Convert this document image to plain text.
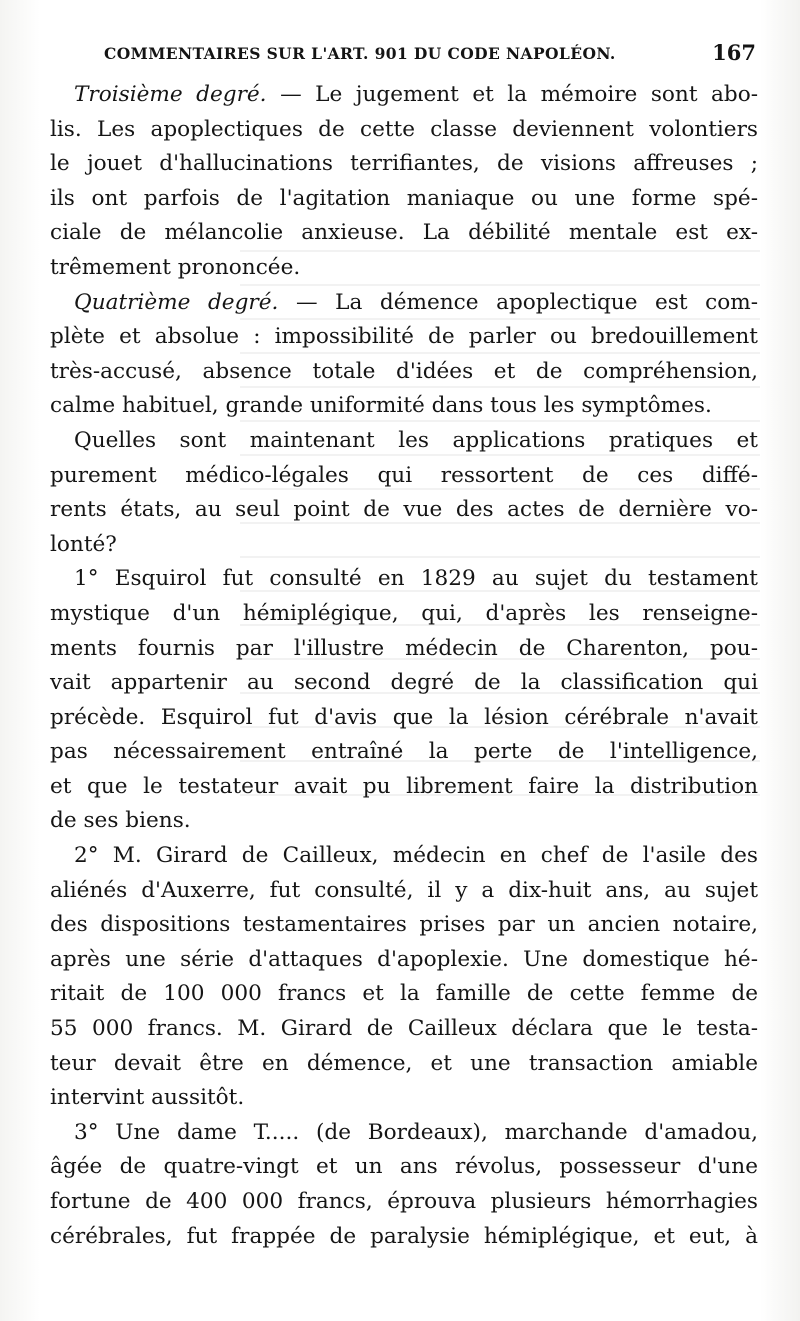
COMMENTAIRES SUR L'ART. 901 DU CODE NAPOLÉON.	167
Troisième degré. — Le jugement et la mémoire sont abo-
lis. Les apoplectiques de cette classe deviennent volontiers
le jouet d'hallucinations terrifiantes, de visions affreuses ;
ils ont parfois de l'agitation maniaque ou une forme spé-
ciale de mélancolie anxieuse. La débilité mentale est ex-
trêmement prononcée.
Quatrième degré. — La démence apoplectique est com-
plète et absolue : impossibilité de parler ou bredouillement
très-accusé, absence totale d'idées et de compréhension,
calme habituel, grande uniformité dans tous les symptômes.
Quelles sont maintenant les applications pratiques et
purement médico-légales qui ressortent de ces diffé-
rents états, au seul point de vue des actes de dernière vo-
lonté?
1° Esquirol fut consulté en 1829 au sujet du testament
mystique d'un hémiplégique, qui, d'après les renseigne-
ments fournis par l'illustre médecin de Charenton, pou-
vait appartenir au second degré de la classification qui
précède. Esquirol fut d'avis que la lésion cérébrale n'avait
pas nécessairement entraîné la perte de l'intelligence,
et que le testateur avait pu librement faire la distribution
de ses biens.
2° M. Girard de Cailleux, médecin en chef de l'asile des
aliénés d'Auxerre, fut consulté, il y a dix-huit ans, au sujet
des dispositions testamentaires prises par un ancien notaire,
après une série d'attaques d'apoplexie. Une domestique hé-
ritait de 100 000 francs et la famille de cette femme de
55 000 francs. M. Girard de Cailleux déclara que le testa-
teur devait être en démence, et une transaction amiable
intervint aussitôt.
3° Une dame T..... (de Bordeaux), marchande d'amadou,
âgée de quatre-vingt et un ans révolus, possesseur d'une
fortune de 400 000 francs, éprouva plusieurs hémorrhagies
cérébrales, fut frappée de paralysie hémiplégique, et eut, à
